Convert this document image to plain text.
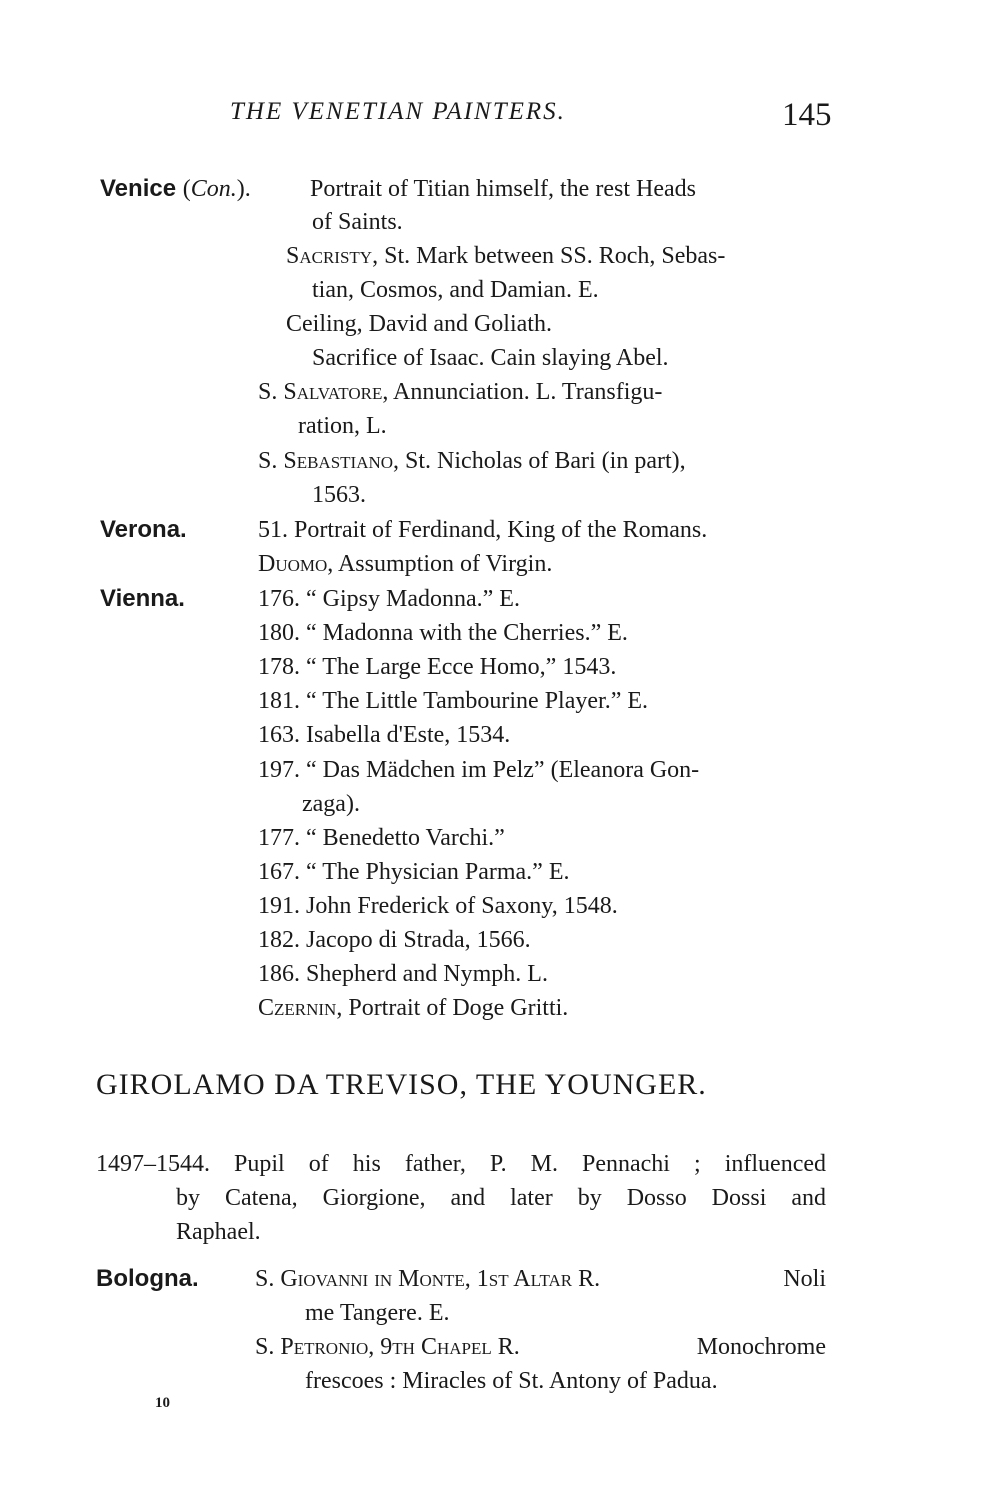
THE VENETIAN PAINTERS.	145
Venice (Con.). Portrait of Titian himself, the rest Heads
of Saints.
Sacristy, St. Mark between SS. Roch, Sebas-
tian, Cosmos, and Damian. E.
Ceiling, David and Goliath.
Sacrifice of Isaac. Cain slaying Abel.
S. Salvatore, Annunciation. L. Transfigu-
ration, L.
S. Sebastiano, St. Nicholas of Bari (in part),
1563.
Verona.	51. Portrait of Ferdinand, King of the Romans.
Duomo, Assumption of Virgin.
Vienna.	176. “ Gipsy Madonna.” E.
180. “ Madonna with the Cherries.” E.
178. “ The Large Ecce Homo,” 1543.
181. “ The Little Tambourine Player.” E.
163. Isabella d'Este, 1534.
197. “ Das Mädchen im Pelz” (Eleanora Gon-
zaga).
177. “ Benedetto Varchi.”
167. “ The Physician Parma.” E.
191. John Frederick of Saxony, 1548.
182. Jacopo di Strada, 1566.
186. Shepherd and Nymph. L.
Czernin, Portrait of Doge Gritti.
GIROLAMO DA TREVISO, THE YOUNGER.
1497–1544. Pupil of his father, P. M. Pennachi ; influenced
by Catena, Giorgione, and later by Dosso Dossi and
Raphael.
Bologna. S. Giovanni in Monte, 1st Altar R.	Noli
me Tangere. E.
S. Petronio, 9th Chapel R.	Monochrome
frescoes : Miracles of St. Antony of Padua.
10
